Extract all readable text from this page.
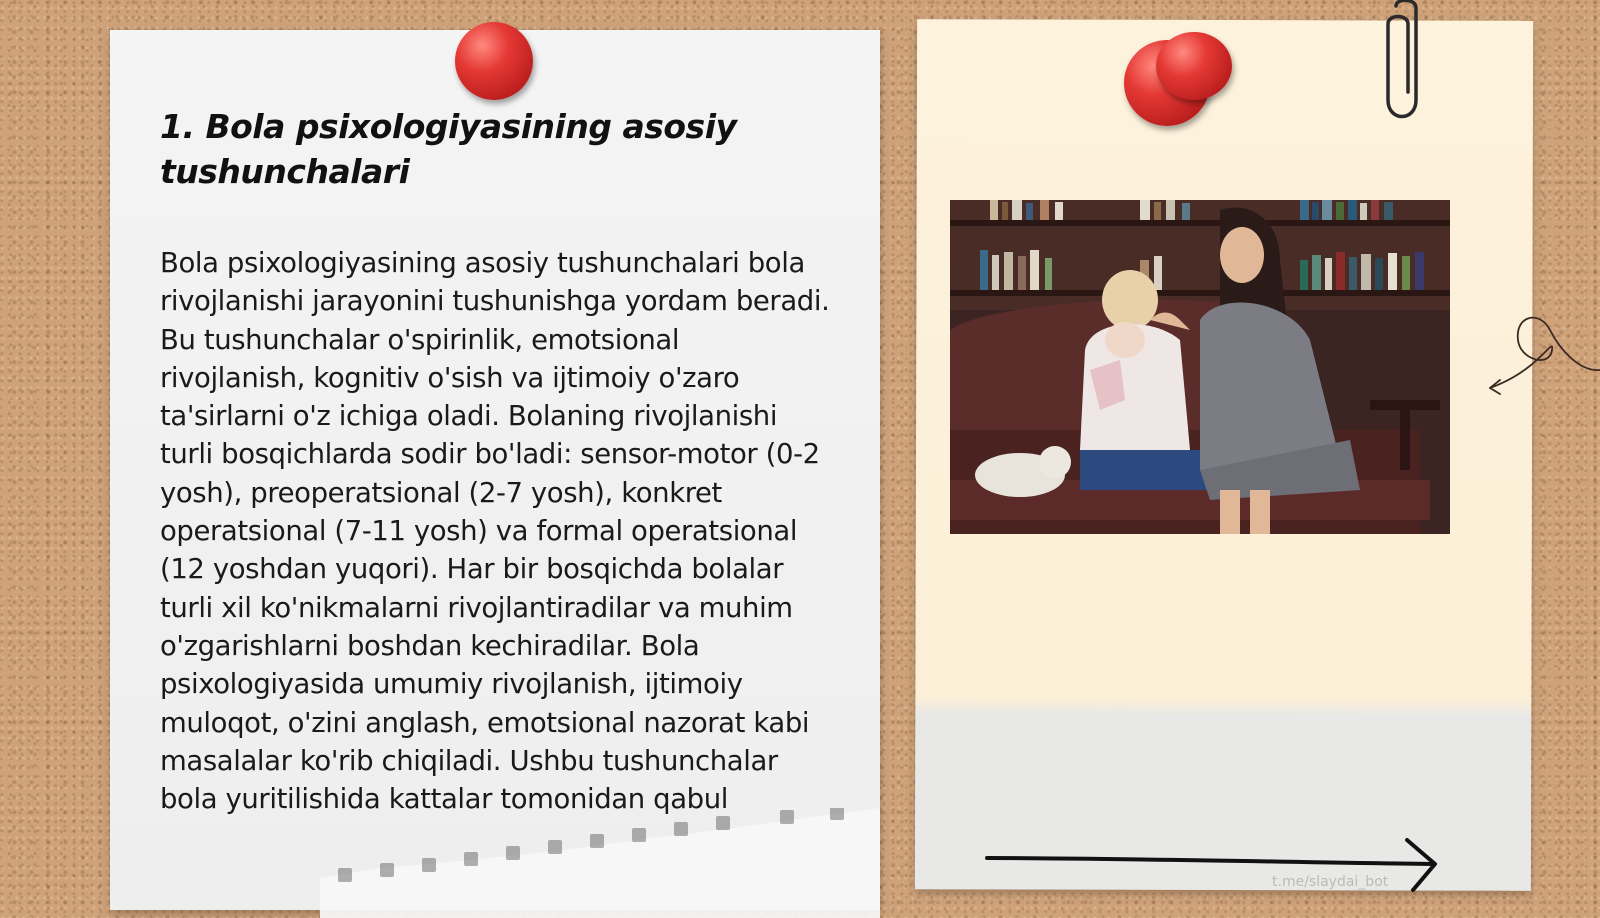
1. Bola psixologiyasining asosiy tushunchalari

Bola psixologiyasining asosiy tushunchalari bola rivojlanishi jarayonini tushunishga yordam beradi. Bu tushunchalar o'spirinlik, emotsional rivojlanish, kognitiv o'sish va ijtimoiy o'zaro ta'sirlarni o'z ichiga oladi. Bolaning rivojlanishi turli bosqichlarda sodir bo'ladi: sensor-motor (0-2 yosh), preoperatsional (2-7 yosh), konkret operatsional (7-11 yosh) va formal operatsional (12 yoshdan yuqori). Har bir bosqichda bolalar turli xil ko'nikmalarni rivojlantiradilar va muhim o'zgarishlarni boshdan kechiradilar. Bola psixologiyasida umumiy rivojlanish, ijtimoiy muloqot, o'zini anglash, emotsional nazorat kabi masalalar ko'rib chiqiladi. Ushbu tushunchalar bola yuritilishida kattalar tomonidan qabul

t.me/slaydai_bot
